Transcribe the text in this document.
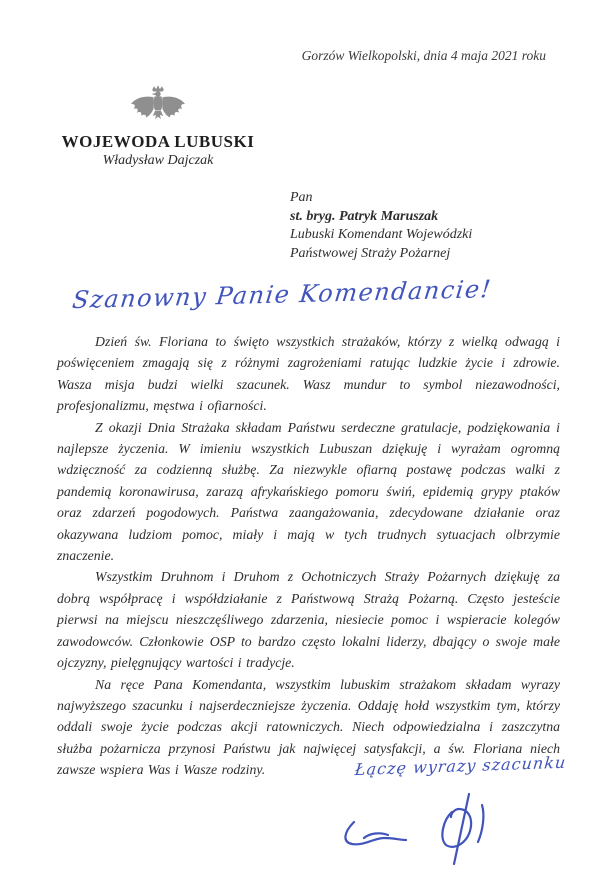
Gorzów Wielkopolski, dnia 4 maja 2021 roku
WOJEWODA LUBUSKI
Władysław Dajczak
Pan
st. bryg. Patryk Maruszak
Lubuski Komendant Wojewódzki
Państwowej Straży Pożarnej
Szanowny Panie Komendancie!

Dzień św. Floriana to święto wszystkich strażaków, którzy z wielką odwagą i poświęceniem zmagają się z różnymi zagrożeniami ratując ludzkie życie i zdrowie. Wasza misja budzi wielki szacunek. Wasz mundur to symbol niezawodności, profesjonalizmu, męstwa i ofiarności.

Z okazji Dnia Strażaka składam Państwu serdeczne gratulacje, podziękowania i najlepsze życzenia. W imieniu wszystkich Lubuszan dziękuję i wyrażam ogromną wdzięczność za codzienną służbę. Za niezwykle ofiarną postawę podczas walki z pandemią koronawirusa, zarazą afrykańskiego pomoru świń, epidemią grypy ptaków oraz zdarzeń pogodowych. Państwa zaangażowania, zdecydowane działanie oraz okazywana ludziom pomoc, miały i mają w tych trudnych sytuacjach olbrzymie znaczenie.

Wszystkim Druhnom i Druhom z Ochotniczych Straży Pożarnych dziękuję za dobrą współpracę i współdziałanie z Państwową Strażą Pożarną. Często jesteście pierwsi na miejscu nieszczęśliwego zdarzenia, niesiecie pomoc i wspieracie kolegów zawodowców. Członkowie OSP to bardzo często lokalni liderzy, dbający o swoje małe ojczyzny, pielęgnujący wartości i tradycje.

Na ręce Pana Komendanta, wszystkim lubuskim strażakom składam wyrazy najwyższego szacunku i najserdeczniejsze życzenia. Oddaję hołd wszystkim tym, którzy oddali swoje życie podczas akcji ratowniczych. Niech odpowiedzialna i zaszczytna służba pożarnicza przynosi Państwu jak najwięcej satysfakcji, a św. Floriana niech zawsze wspiera Was i Wasze rodziny.	Łączę wyrazy szacunku
